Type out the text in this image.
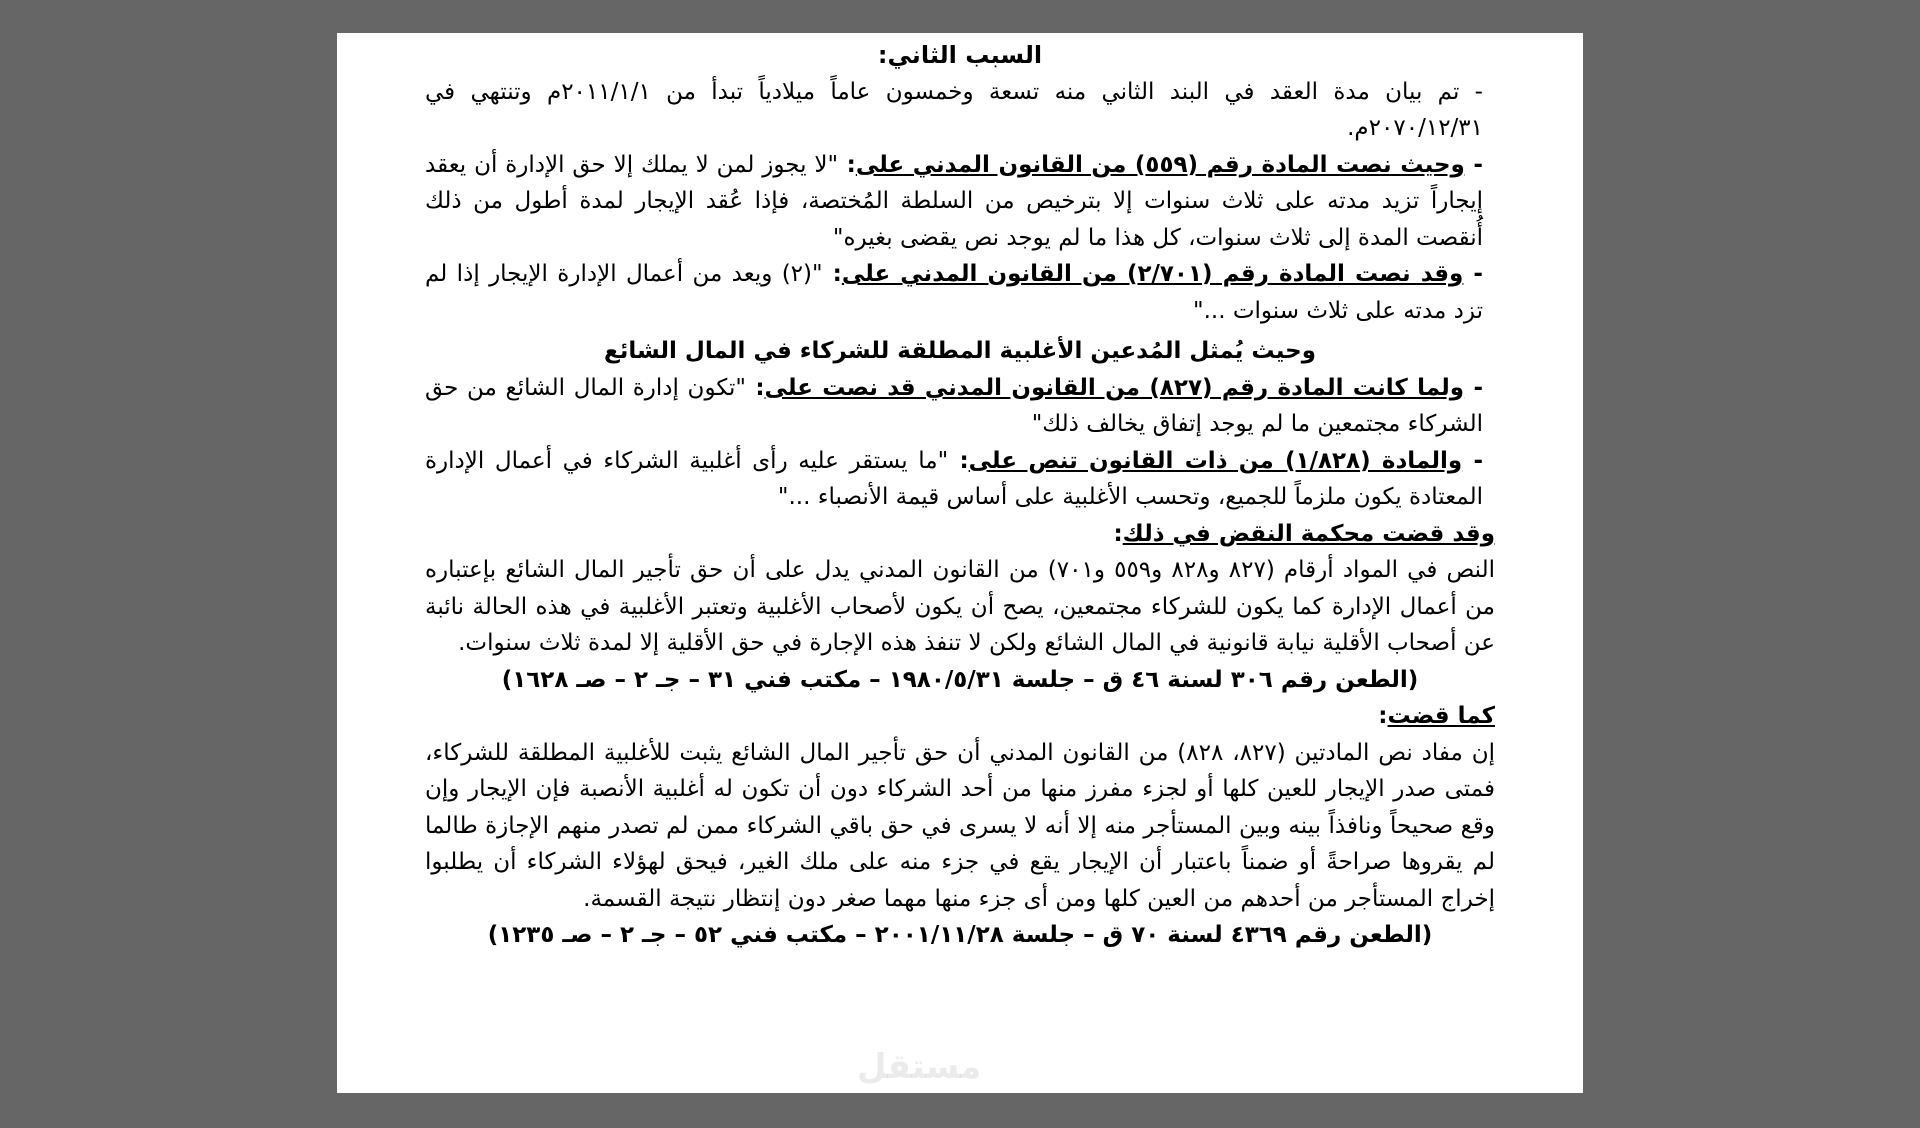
السبب الثاني:

- تم بيان مدة العقد في البند الثاني منه تسعة وخمسون عاماً ميلادياً تبدأ من ٢٠١١/١/١م وتنتهي في ٢٠٧٠/١٢/٣١م.

- وحيث نصت المادة رقم (٥٥٩) من القانون المدني على: "لا يجوز لمن لا يملك إلا حق الإدارة أن يعقد إيجاراً تزيد مدته على ثلاث سنوات إلا بترخيص من السلطة المُختصة، فإذا عُقد الإيجار لمدة أطول من ذلك أُنقصت المدة إلى ثلاث سنوات، كل هذا ما لم يوجد نص يقضى بغيره"

- وقد نصت المادة رقم (٢/٧٠١) من القانون المدني على: "(٢) ويعد من أعمال الإدارة الإيجار إذا لم تزد مدته على ثلاث سنوات ..."

وحيث يُمثل المُدعين الأغلبية المطلقة للشركاء في المال الشائع

- ولما كانت المادة رقم (٨٢٧) من القانون المدني قد نصت على: "تكون إدارة المال الشائع من حق الشركاء مجتمعين ما لم يوجد إتفاق يخالف ذلك"

- والمادة (١/٨٢٨) من ذات القانون تنص على: "ما يستقر عليه رأى أغلبية الشركاء في أعمال الإدارة المعتادة يكون ملزماً للجميع، وتحسب الأغلبية على أساس قيمة الأنصباء ..."

وقد قضت محكمة النقض في ذلك:

النص في المواد أرقام (٨٢٧ و٨٢٨ و٥٥٩ و٧٠١) من القانون المدني يدل على أن حق تأجير المال الشائع بإعتباره من أعمال الإدارة كما يكون للشركاء مجتمعين، يصح أن يكون لأصحاب الأغلبية وتعتبر الأغلبية في هذه الحالة نائبة عن أصحاب الأقلية نيابة قانونية في المال الشائع ولكن لا تنفذ هذه الإجارة في حق الأقلية إلا لمدة ثلاث سنوات.

(الطعن رقم ٣٠٦ لسنة ٤٦ ق – جلسة ١٩٨٠/٥/٣١ – مكتب فني ٣١ – جـ ٢ – صـ ١٦٢٨)

كما قضت:

إن مفاد نص المادتين (٨٢٧، ٨٢٨) من القانون المدني أن حق تأجير المال الشائع يثبت للأغلبية المطلقة للشركاء، فمتى صدر الإيجار للعين كلها أو لجزء مفرز منها من أحد الشركاء دون أن تكون له أغلبية الأنصبة فإن الإيجار وإن وقع صحيحاً ونافذاً بينه وبين المستأجر منه إلا أنه لا يسرى في حق باقي الشركاء ممن لم تصدر منهم الإجازة طالما لم يقروها صراحةً أو ضمناً باعتبار أن الإيجار يقع في جزء منه على ملك الغير، فيحق لهؤلاء الشركاء أن يطلبوا إخراج المستأجر من أحدهم من العين كلها ومن أى جزء منها مهما صغر دون إنتظار نتيجة القسمة.

(الطعن رقم ٤٣٦٩ لسنة ٧٠ ق – جلسة ٢٠٠١/١١/٢٨ – مكتب فني ٥٢ – جـ ٢ – صـ ١٢٣٥)

مستقل
